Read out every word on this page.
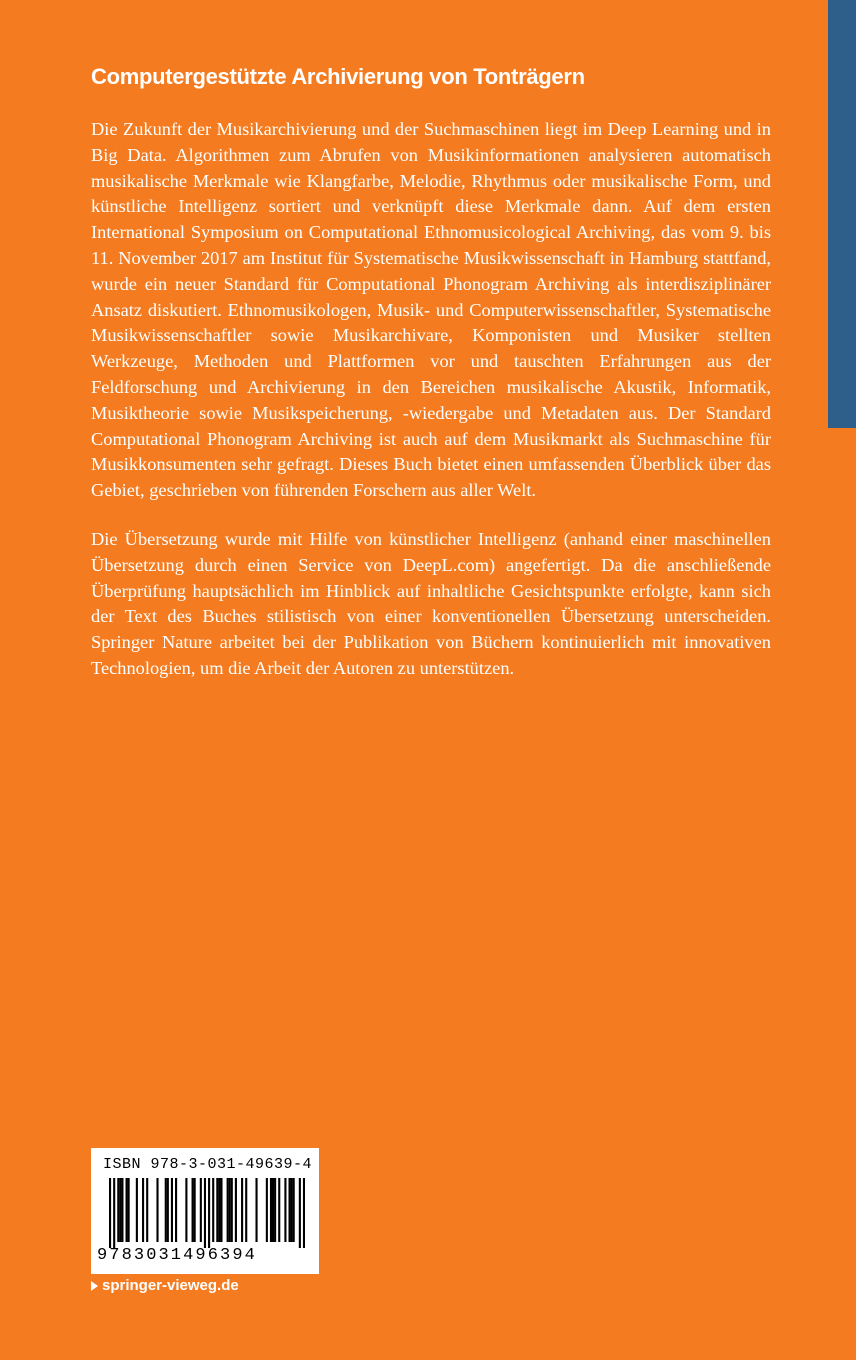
Computergestützte Archivierung von Tonträgern

Die Zukunft der Musikarchivierung und der Suchmaschinen liegt im Deep Learning und in Big Data. Algorithmen zum Abrufen von Musikinformationen analysieren automatisch musikalische Merkmale wie Klangfarbe, Melodie, Rhythmus oder musikalische Form, und künstliche Intelligenz sortiert und verknüpft diese Merkmale dann. Auf dem ersten International Symposium on Computational Ethnomusicological Archiving, das vom 9. bis 11. November 2017 am Institut für Systematische Musikwissenschaft in Hamburg stattfand, wurde ein neuer Standard für Computational Phonogram Archiving als interdisziplinärer Ansatz diskutiert. Ethnomusikologen, Musik- und Computerwissenschaftler, Systematische Musikwissenschaftler sowie Musikarchivare, Komponisten und Musiker stellten Werkzeuge, Methoden und Plattformen vor und tauschten Erfahrungen aus der Feldforschung und Archivierung in den Bereichen musikalische Akustik, Informatik, Musiktheorie sowie Musikspeicherung, -wiedergabe und Metadaten aus. Der Standard Computational Phonogram Archiving ist auch auf dem Musikmarkt als Suchmaschine für Musikkonsumenten sehr gefragt. Dieses Buch bietet einen umfassenden Überblick über das Gebiet, geschrieben von führenden Forschern aus aller Welt.

Die Übersetzung wurde mit Hilfe von künstlicher Intelligenz (anhand einer maschinellen Übersetzung durch einen Service von DeepL.com) angefertigt. Da die anschließende Überprüfung hauptsächlich im Hinblick auf inhaltliche Gesichtspunkte erfolgte, kann sich der Text des Buches stilistisch von einer konventionellen Übersetzung unterscheiden. Springer Nature arbeitet bei der Publikation von Büchern kontinuierlich mit innovativen Technologien, um die Arbeit der Autoren zu unterstützen.

ISBN 978-3-031-49639-4
9783031496394
springer-vieweg.de
